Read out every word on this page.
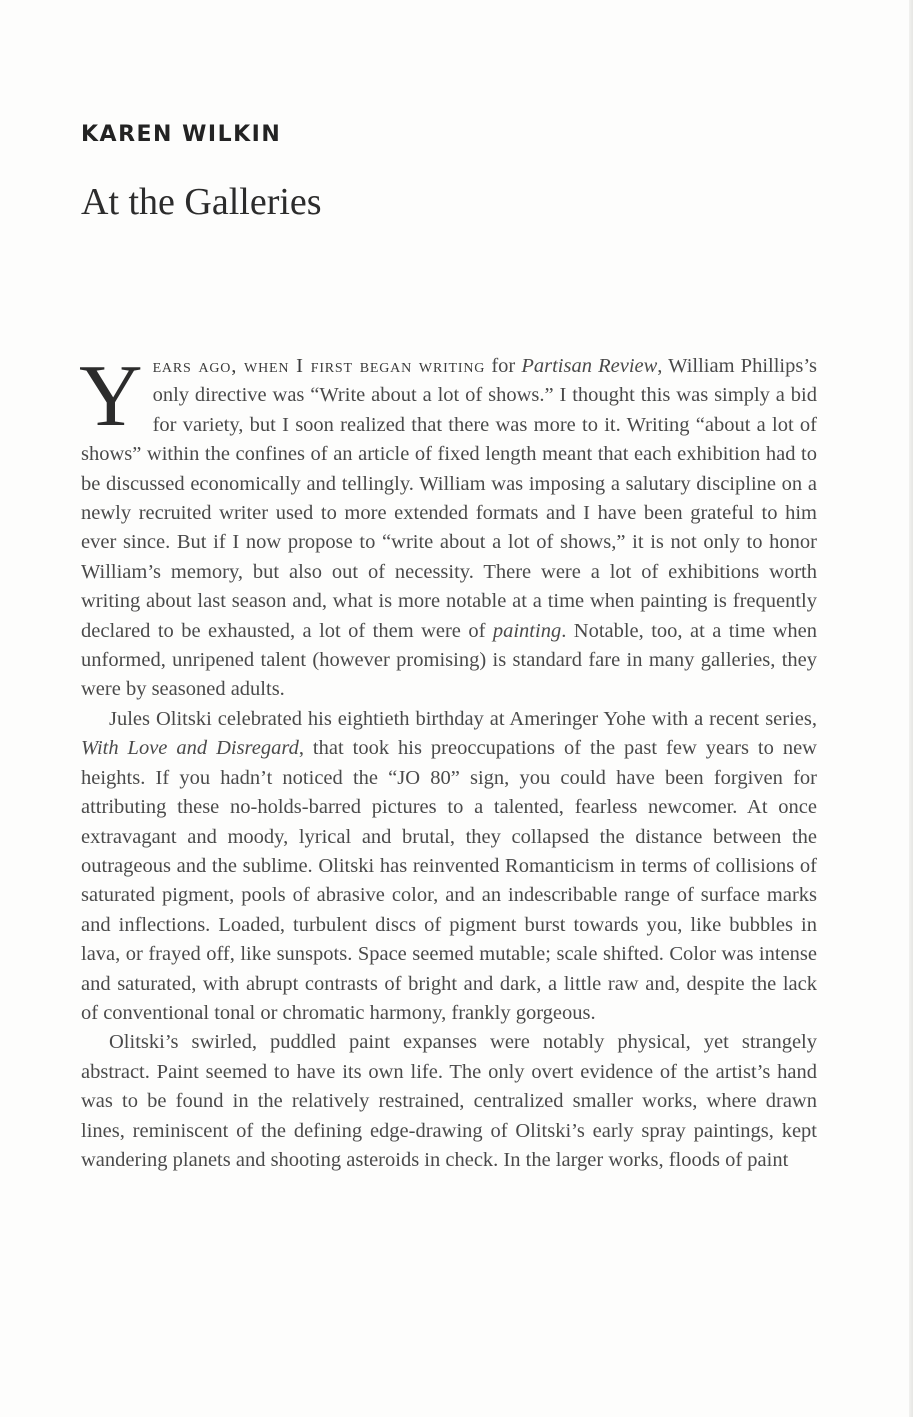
KAREN WILKIN
At the Galleries

Years ago, when I first began writing for Partisan Review, William Phillips’s only directive was “Write about a lot of shows.” I thought this was simply a bid for variety, but I soon realized that there was more to it. Writing “about a lot of shows” within the confines of an article of fixed length meant that each exhibition had to be discussed economically and tellingly. William was imposing a salutary discipline on a newly recruited writer used to more extended formats and I have been grateful to him ever since. But if I now propose to “write about a lot of shows,” it is not only to honor William’s memory, but also out of necessity. There were a lot of exhibitions worth writing about last season and, what is more notable at a time when painting is frequently declared to be exhausted, a lot of them were of painting. Notable, too, at a time when unformed, unripened talent (however promising) is standard fare in many galleries, they were by seasoned adults.

Jules Olitski celebrated his eightieth birthday at Ameringer Yohe with a recent series, With Love and Disregard, that took his preoccupations of the past few years to new heights. If you hadn’t noticed the “JO 80” sign, you could have been forgiven for attributing these no-holds-barred pictures to a talented, fearless newcomer. At once extravagant and moody, lyrical and brutal, they collapsed the distance between the outrageous and the sublime. Olitski has reinvented Romanticism in terms of collisions of saturated pigment, pools of abrasive color, and an indescribable range of surface marks and inflections. Loaded, turbulent discs of pigment burst towards you, like bubbles in lava, or frayed off, like sunspots. Space seemed mutable; scale shifted. Color was intense and saturated, with abrupt contrasts of bright and dark, a little raw and, despite the lack of conventional tonal or chromatic harmony, frankly gorgeous.

Olitski’s swirled, puddled paint expanses were notably physical, yet strangely abstract. Paint seemed to have its own life. The only overt evidence of the artist’s hand was to be found in the relatively restrained, centralized smaller works, where drawn lines, reminiscent of the defining edge-drawing of Olitski’s early spray paintings, kept wandering planets and shooting asteroids in check. In the larger works, floods of paint
